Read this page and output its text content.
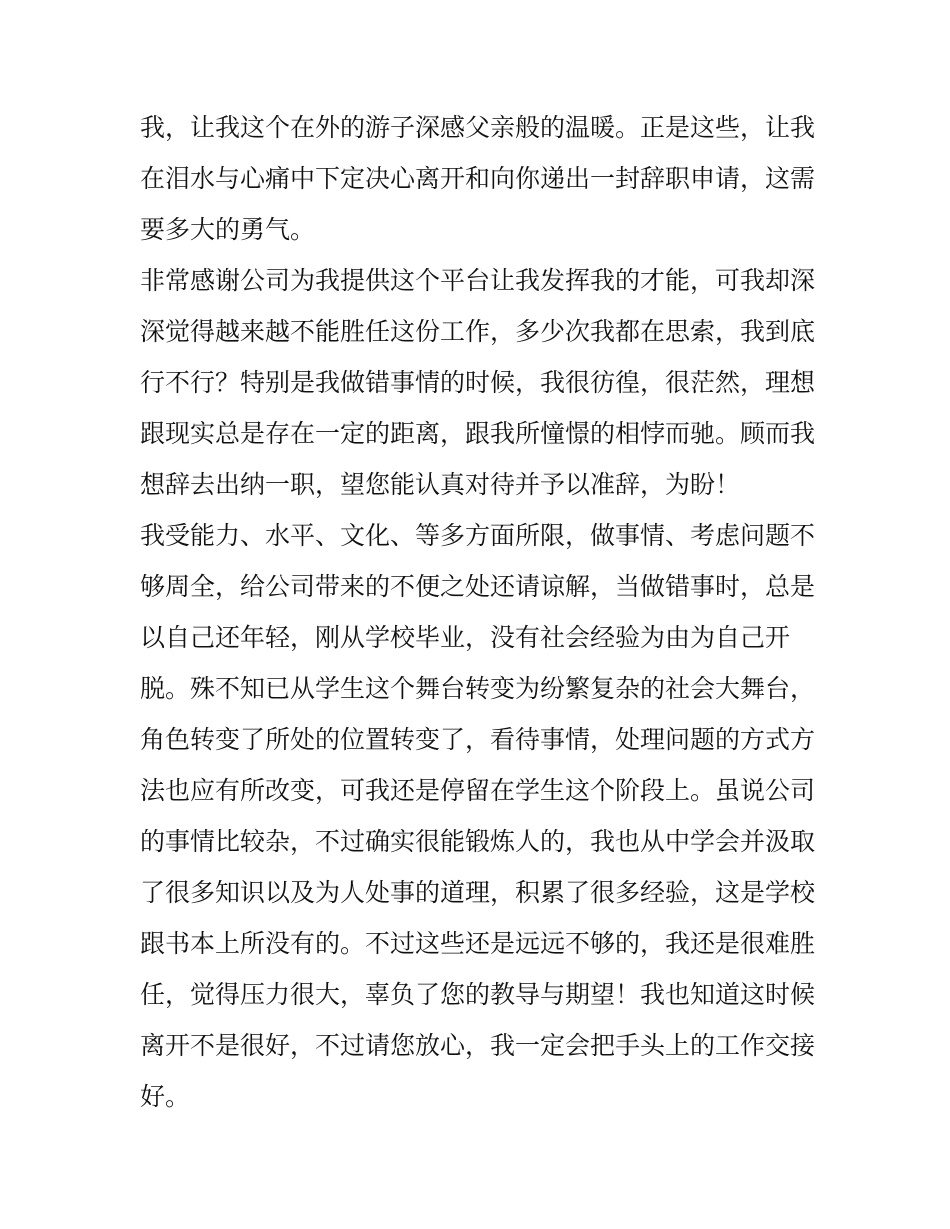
我，让我这个在外的游子深感父亲般的温暖。正是这些，让我
在泪水与心痛中下定决心离开和向你递出一封辞职申请，这需
要多大的勇气。
非常感谢公司为我提供这个平台让我发挥我的才能，可我却深
深觉得越来越不能胜任这份工作，多少次我都在思索，我到底
行不行？特别是我做错事情的时候，我很彷徨，很茫然，理想
跟现实总是存在一定的距离，跟我所憧憬的相悖而驰。顾而我
想辞去出纳一职，望您能认真对待并予以准辞，为盼！
我受能力、水平、文化、等多方面所限，做事情、考虑问题不
够周全，给公司带来的不便之处还请谅解，当做错事时，总是
以自己还年轻，刚从学校毕业，没有社会经验为由为自己开
脱。殊不知已从学生这个舞台转变为纷繁复杂的社会大舞台，
角色转变了所处的位置转变了，看待事情，处理问题的方式方
法也应有所改变，可我还是停留在学生这个阶段上。虽说公司
的事情比较杂，不过确实很能锻炼人的，我也从中学会并汲取
了很多知识以及为人处事的道理，积累了很多经验，这是学校
跟书本上所没有的。不过这些还是远远不够的，我还是很难胜
任，觉得压力很大，辜负了您的教导与期望！我也知道这时候
离开不是很好，不过请您放心，我一定会把手头上的工作交接
好。
